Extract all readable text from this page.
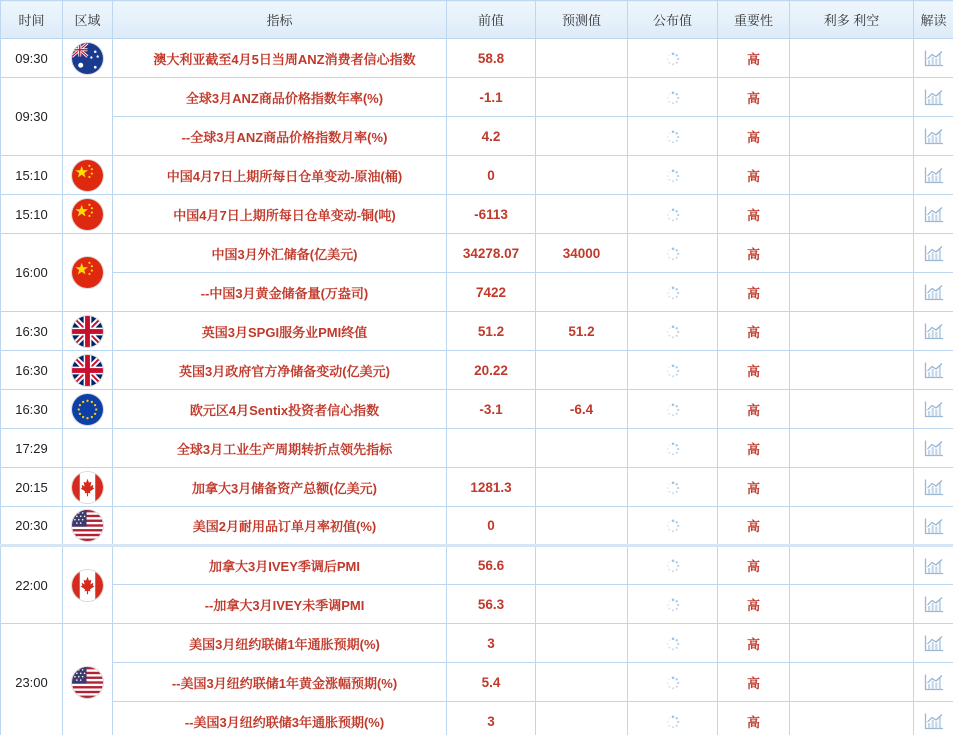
时间	区域	指标	前值	预测值	公布值	重要性	利多 利空	解读
09:30		澳大利亚截至4月5日当周ANZ消费者信心指数	58.8			高		

09:30		全球3月ANZ商品价格指数年率(%)	-1.1			高		

		--全球3月ANZ商品价格指数月率(%)	4.2			高		

15:10		中国4月7日上期所每日仓单变动-原油(桶)	0			高		

15:10		中国4月7日上期所每日仓单变动-铜(吨)	-6113			高		

16:00		中国3月外汇储备(亿美元)	34278.07	34000		高		

		--中国3月黄金储备量(万盎司)	7422			高		

16:30		英国3月SPGI服务业PMI终值	51.2	51.2		高		

16:30		英国3月政府官方净储备变动(亿美元)	20.22			高		

16:30		欧元区4月Sentix投资者信心指数	-3.1	-6.4		高		

17:29		全球3月工业生产周期转折点领先指标				高		

20:15		加拿大3月储备资产总额(亿美元)	1281.3			高		

20:30		美国2月耐用品订单月率初值(%)	0			高		

22:00		加拿大3月IVEY季调后PMI	56.6			高		

		--加拿大3月IVEY未季调PMI	56.3			高		

23:00		美国3月纽约联储1年通胀预期(%)	3			高		

		--美国3月纽约联储1年黄金涨幅预期(%)	5.4			高		

		--美国3月纽约联储3年通胀预期(%)	3			高		
